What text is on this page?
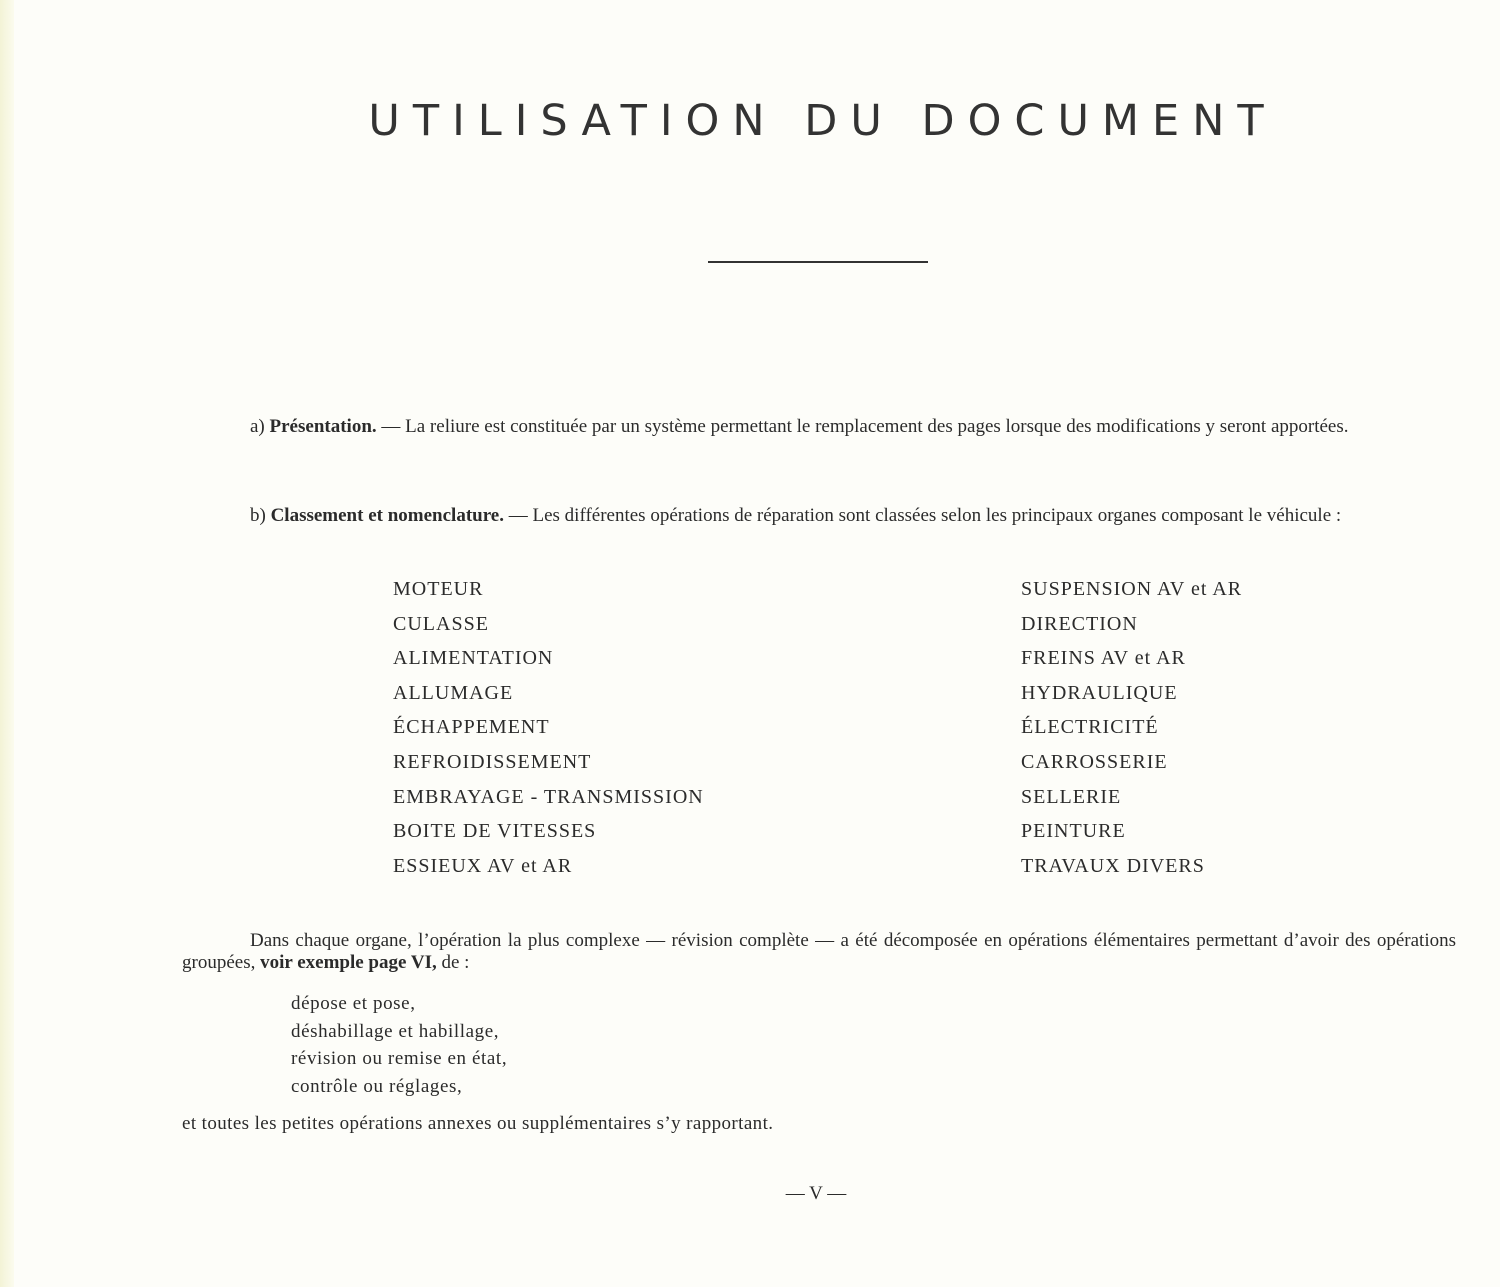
UTILISATION DU DOCUMENT

a) Présentation. — La reliure est constituée par un système permettant le remplacement des pages lorsque des modifications y seront apportées.

b) Classement et nomenclature. — Les différentes opérations de réparation sont classées selon les principaux organes composant le véhicule :

MOTEUR
CULASSE
ALIMENTATION
ALLUMAGE
ÉCHAPPEMENT
REFROIDISSEMENT
EMBRAYAGE - TRANSMISSION
BOITE DE VITESSES
ESSIEUX AV et AR
SUSPENSION AV et AR
DIRECTION
FREINS AV et AR
HYDRAULIQUE
ÉLECTRICITÉ
CARROSSERIE
SELLERIE
PEINTURE
TRAVAUX DIVERS

Dans chaque organe, l’opération la plus complexe — révision complète — a été décomposée en opérations élémentaires permettant d’avoir des opérations groupées, voir exemple page VI, de :

dépose et pose,
déshabillage et habillage,
révision ou remise en état,
contrôle ou réglages,

et toutes les petites opérations annexes ou supplémentaires s’y rapportant.

— V —
